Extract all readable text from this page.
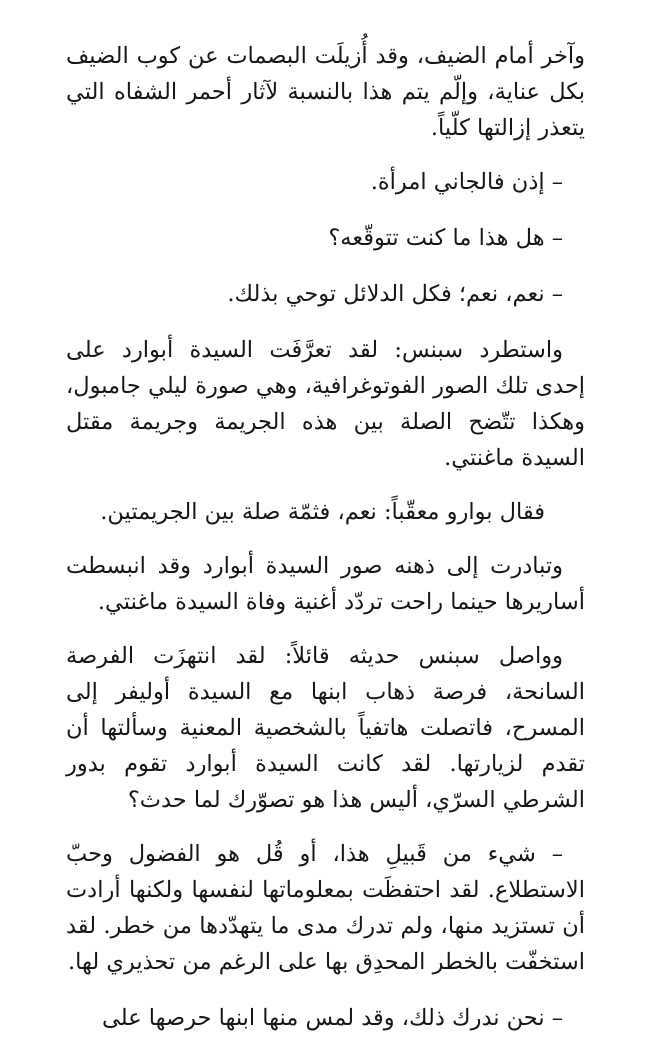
وآخر أمام الضيف، وقد أُزيلَت البصمات عن كوب الضيف بكل عناية، وإلّم يتم هذا بالنسبة لآثار أحمر الشفاه التي يتعذر إزالتها كلّياً.

– إذن فالجاني امرأة.

– هل هذا ما كنت تتوقّعه؟

– نعم، نعم؛ فكل الدلائل توحي بذلك.

واستطرد سبنس: لقد تعرَّفَت السيدة أبوارد على إحدى تلك الصور الفوتوغرافية، وهي صورة ليلي جامبول، وهكذا تتّضح الصلة بين هذه الجريمة وجريمة مقتل السيدة ماغنتي.

فقال بوارو معقّباً: نعم، فثمّة صلة بين الجريمتين.

وتبادرت إلى ذهنه صور السيدة أبوارد وقد انبسطت أساريرها حينما راحت تردّد أغنية وفاة السيدة ماغنتي.

وواصل سبنس حديثه قائلاً: لقد انتهزَت الفرصة السانحة، فرصة ذهاب ابنها مع السيدة أوليفر إلى المسرح، فاتصلت هاتفياً بالشخصية المعنية وسألتها أن تقدم لزيارتها. لقد كانت السيدة أبوارد تقوم بدور الشرطي السرّي، أليس هذا هو تصوّرك لما حدث؟

– شيء من قَبيلِ هذا، أو قُل هو الفضول وحبّ الاستطلاع. لقد احتفظَت بمعلوماتها لنفسها ولكنها أرادت أن تستزيد منها، ولم تدرك مدى ما يتهدّدها من خطر. لقد استخفّت بالخطر المحدِق بها على الرغم من تحذيري لها.

– نحن ندرك ذلك، وقد لمس منها ابنها حرصها على
